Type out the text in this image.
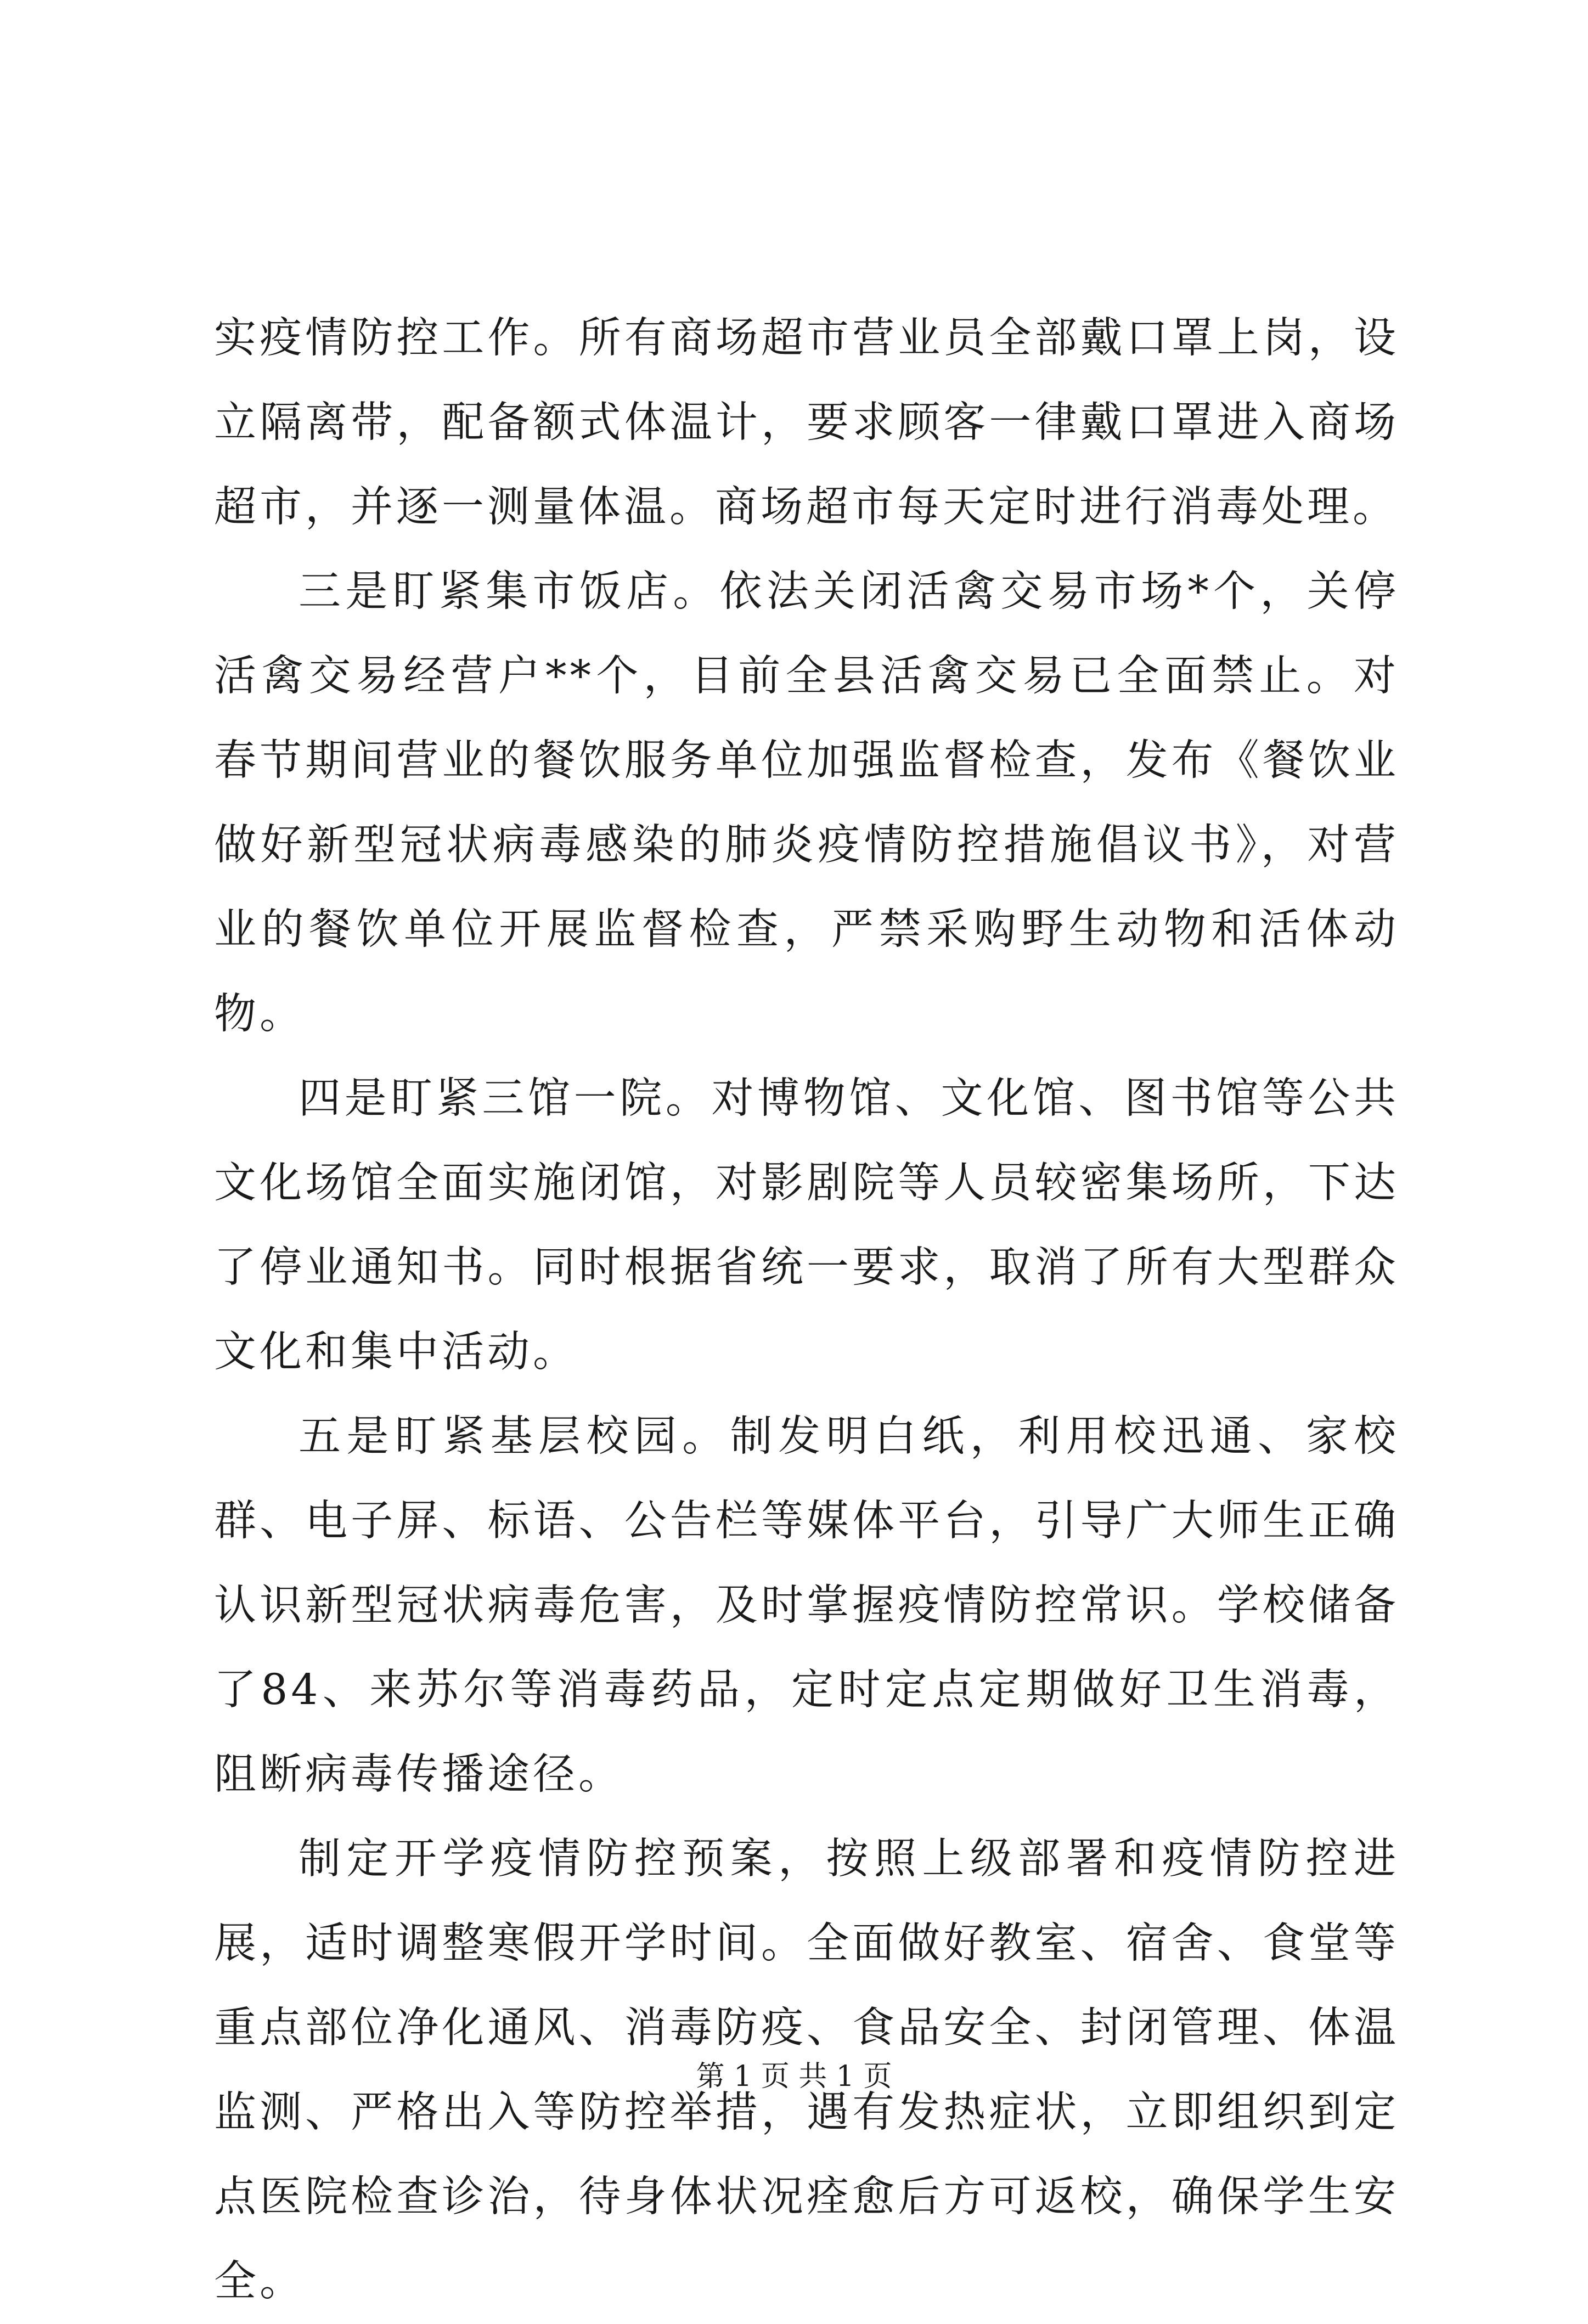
实疫情防控工作。所有商场超市营业员全部戴口罩上岗，设立隔离带，配备额式体温计，要求顾客一律戴口罩进入商场超市，并逐一测量体温。商场超市每天定时进行消毒处理。

三是盯紧集市饭店。依法关闭活禽交易市场*个，关停活禽交易经营户**个，目前全县活禽交易已全面禁止。对春节期间营业的餐饮服务单位加强监督检查，发布《餐饮业做好新型冠状病毒感染的肺炎疫情防控措施倡议书》，对营业的餐饮单位开展监督检查，严禁采购野生动物和活体动物。

四是盯紧三馆一院。对博物馆、文化馆、图书馆等公共文化场馆全面实施闭馆，对影剧院等人员较密集场所，下达了停业通知书。同时根据省统一要求，取消了所有大型群众文化和集中活动。

五是盯紧基层校园。制发明白纸，利用校迅通、家校群、电子屏、标语、公告栏等媒体平台，引导广大师生正确认识新型冠状病毒危害，及时掌握疫情防控常识。学校储备了84、来苏尔等消毒药品，定时定点定期做好卫生消毒，阻断病毒传播途径。

制定开学疫情防控预案，按照上级部署和疫情防控进展，适时调整寒假开学时间。全面做好教室、宿舍、食堂等重点部位净化通风、消毒防疫、食品安全、封闭管理、体温监测、严格出入等防控举措，遇有发热症状，立即组织到定点医院检查诊治，待身体状况痊愈后方可返校，确保学生安全。

第 1 页 共 1 页
